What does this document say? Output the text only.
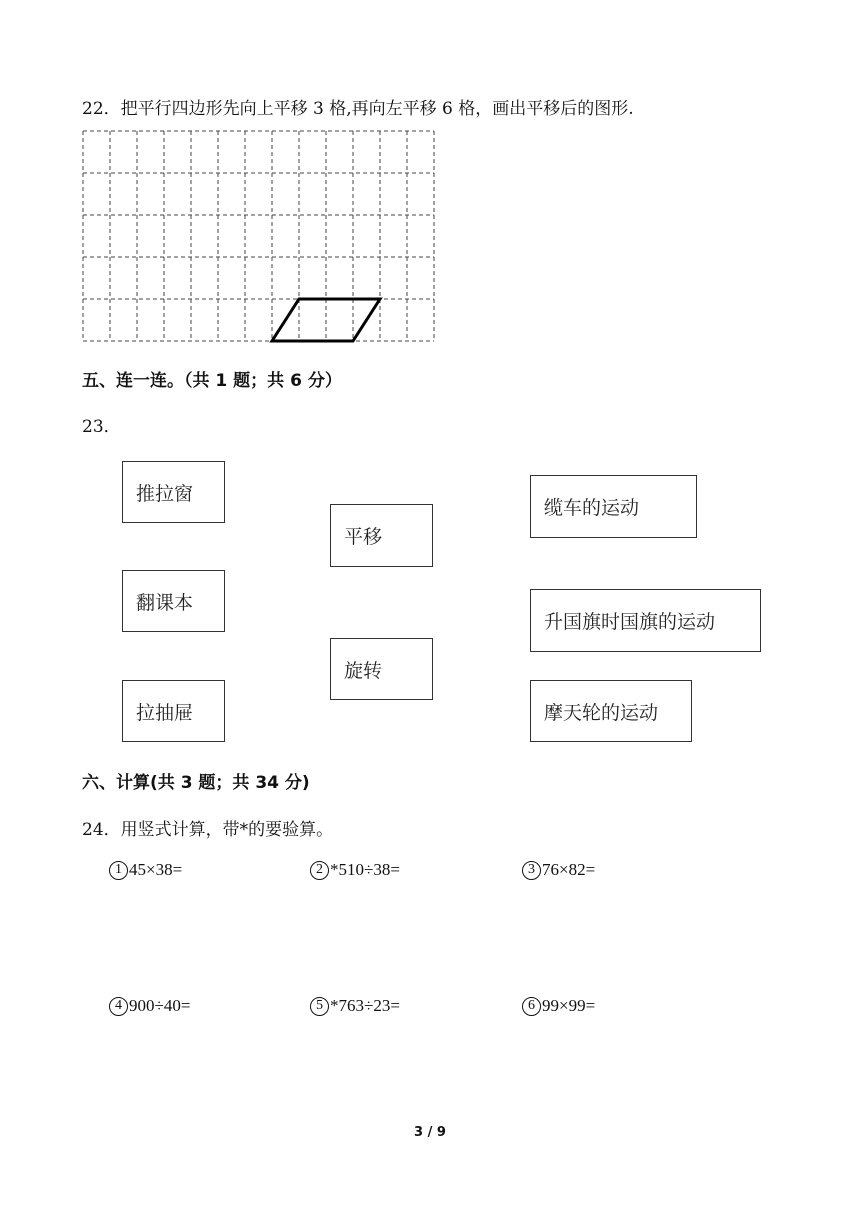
22．把平行四边形先向上平移 3 格,再向左平移 6 格，画出平移后的图形.
五、连一连。（共 1 题；共 6 分）
23．
推拉窗
翻课本
拉抽屉
平移
旋转
缆车的运动
升国旗时国旗的运动
摩天轮的运动
六、计算(共 3 题；共 34 分)
24．用竖式计算，带*的要验算。
1 45×38=	2 *510÷38=	3 76×82=
4 900÷40=	5 *763÷23=	6 99×99=
3 / 9
